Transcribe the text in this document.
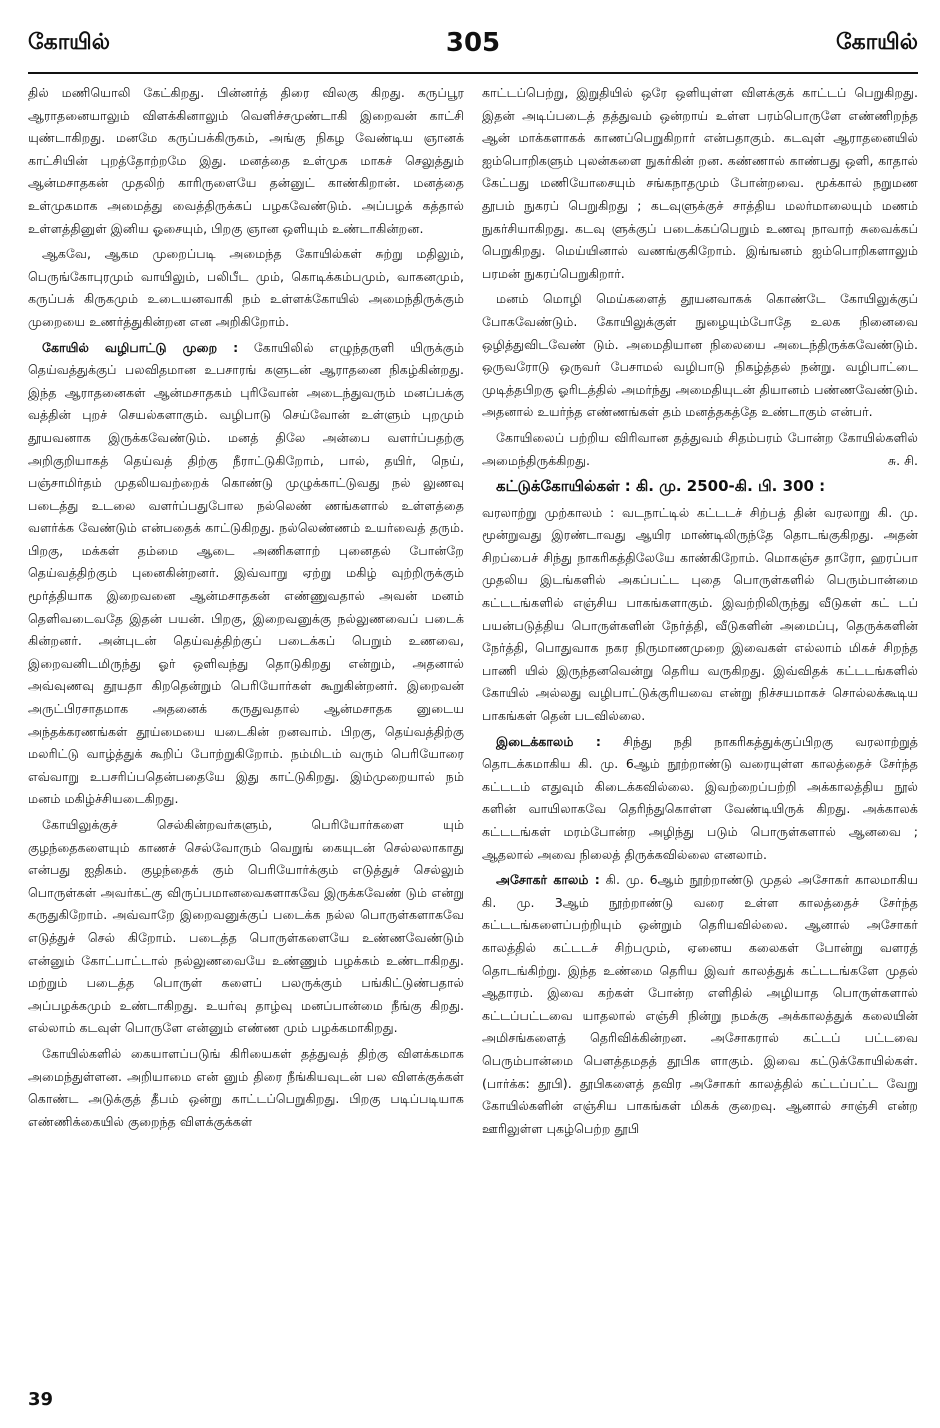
கோயில்	305	கோயில்

தில் மணியொலி கேட்கிறது. பின்னர்த் திரை விலகு கிறது. கருப்பூர ஆராதனையாலும் விளக்கினாலும் வெளிச்சமுண்டாகி இறைவன் காட்சி யுண்டாகிறது. மனமே கருப்பக்கிருகம், அங்கு நிகழ வேண்டிய ஞானக் காட்சியின் புறத்தோற்றமே இது. மனத்தை உள்முக மாகச் செலுத்தும் ஆன்மசாதகன் முதலிற் காரிருளையே தன்னுட் காண்கிறான். மனத்தை உள்முகமாக அமைத்து வைத்திருக்கப் பழகவேண்டும். அப்பழக் கத்தால் உள்ளத்தினுள் இனிய ஓசையும், பிறகு ஞான ஒளியும் உண்டாகின்றன.

ஆகவே, ஆகம முறைப்படி அமைந்த கோயில்கள் சுற்று மதிலும், பெருங்கோபுரமும் வாயிலும், பலிபீட மும், கொடிக்கம்பமும், வாகனமும், கருப்பக் கிருகமும் உடையனவாகி நம் உள்ளக்கோயில் அமைந்திருக்கும் முறையை உணர்த்துகின்றன என அறிகிறோம்.

கோயில் வழிபாட்டு முறை : கோயிலில் எழுந்தருளி யிருக்கும் தெய்வத்துக்குப் பலவிதமான உபசாரங் களுடன் ஆராதனை நிகழ்கின்றது. இந்த ஆராதனைகள் ஆன்மசாதகம் புரிவோன் அடைந்துவரும் மனப்பக்கு வத்தின் புறச் செயல்களாகும். வழிபாடு செய்வோன் உள்ளும் புறமும் தூயவனாக இருக்கவேண்டும். மனத் திலே அன்பை வளர்ப்பதற்கு அறிகுறியாகத் தெய்வத் திற்கு நீராட்டுகிறோம், பால், தயிர், நெய், பஞ்சாமிர்தம் முதலியவற்றைக் கொண்டு முழுக்காட்டுவது நல் லுணவு படைத்து உடலை வளர்ப்பதுபோல நல்லெண் ணங்களால் உள்ளத்தை வளர்க்க வேண்டும் என்பதைக் காட்டுகிறது. நல்லெண்ணம் உயர்வைத் தரும். பிறகு, மக்கள் தம்மை ஆடை அணிகளாற் புனைதல் போன்றே தெய்வத்திற்கும் புனைகின்றனர். இவ்வாறு ஏற்று மகிழ் வுற்றிருக்கும் மூர்த்தியாக இறைவனை ஆன்மசாதகன் எண்ணுவதால் அவன் மனம் தெளிவடைவதே இதன் பயன். பிறகு, இறைவனுக்கு நல்லுணவைப் படைக் கின்றனர். அன்புடன் தெய்வத்திற்குப் படைக்கப் பெறும் உணவை, இறைவனிடமிருந்து ஓர் ஒளிவந்து தொடுகிறது என்றும், அதனால் அவ்வுணவு தூயதா கிறதென்றும் பெரியோர்கள் கூறுகின்றனர். இறைவன் அருட்பிரசாதமாக அதனைக் கருதுவதால் ஆன்மசாதக னுடைய அந்தக்கரணங்கள் தூய்மையை யடைகின் றனவாம். பிறகு, தெய்வத்திற்கு மலரிட்டு வாழ்த்துக் கூறிப் போற்றுகிறோம். நம்மிடம் வரும் பெரியோரை எவ்வாறு உபசரிப்பதென்பதையே இது காட்டுகிறது. இம்முறையால் நம் மனம் மகிழ்ச்சியடைகிறது.

கோயிலுக்குச் செல்கின்றவர்களும், பெரியோர்களை யும் குழந்தைகளையும் காணச் செல்வோரும் வெறுங் கையுடன் செல்லலாகாது என்பது ஐதிகம். குழந்தைக் கும் பெரியோர்க்கும் எடுத்துச் செல்லும் பொருள்கள் அவர்கட்கு விருப்பமானவைகளாகவே இருக்கவேண் டும் என்று கருதுகிறோம். அவ்வாறே இறைவனுக்குப் படைக்க நல்ல பொருள்களாகவே எடுத்துச் செல் கிறோம். படைத்த பொருள்களையே உண்ணவேண்டும் என்னும் கோட்பாட்டால் நல்லுணவையே உண்ணும் பழக்கம் உண்டாகிறது. மற்றும் படைத்த பொருள் களைப் பலருக்கும் பங்கிட்டுண்பதால் அப்பழக்கமும் உண்டாகிறது. உயர்வு தாழ்வு மனப்பான்மை நீங்கு கிறது. எல்லாம் கடவுள் பொருளே என்னும் எண்ண மும் பழக்கமாகிறது.

கோயில்களில் கையாளப்படுங் கிரியைகள் தத்துவத் திற்கு விளக்கமாக அமைந்துள்ளன. அறியாமை என் னும் திரை நீங்கியவுடன் பல விளக்குக்கள் கொண்ட அடுக்குத் தீபம் ஒன்று காட்டப்பெறுகிறது. பிறகு படிப்படியாக எண்ணிக்கையில் குறைந்த விளக்குக்கள்

காட்டப்பெற்று, இறுதியில் ஒரே ஒளியுள்ள விளக்குக் காட்டப் பெறுகிறது. இதன் அடிப்படைத் தத்துவம் ஒன்றாய் உள்ள பரம்பொருளே எண்ணிறந்த ஆன் மாக்களாகக் காணப்பெறுகிறார் என்பதாகும். கடவுள் ஆராதனையில் ஐம்பொறிகளும் புலன்களை நுகர்கின் றன. கண்ணால் காண்பது ஒளி, காதால் கேட்பது மணியோசையும் சங்கநாதமும் போன்றவை. மூக்கால் நறுமண தூபம் நுகரப் பெறுகிறது ; கடவுளுக்குச் சாத்திய மலர்மாலையும் மணம் நுகர்சியாகிறது. கடவு ளுக்குப் படைக்கப்பெறும் உணவு நாவாற் சுவைக்கப் பெறுகிறது. மெய்யினால் வணங்குகிறோம். இங்ஙனம் ஐம்பொறிகளாலும் பரமன் நுகரப்பெறுகிறார்.

மனம் மொழி மெய்களைத் தூயனவாகக் கொண்டே கோயிலுக்குப் போகவேண்டும். கோயிலுக்குள் நுழையும்போதே உலக நினைவை ஒழித்துவிடவேண் டும். அமைதியான நிலையை அடைந்திருக்கவேண்டும். ஒருவரோடு ஒருவர் பேசாமல் வழிபாடு நிகழ்த்தல் நன்று. வழிபாட்டை முடித்தபிறகு ஓரிடத்தில் அமர்ந்து அமைதியுடன் தியானம் பண்ணவேண்டும். அதனால் உயர்ந்த எண்ணங்கள் தம் மனத்தகத்தே உண்டாகும் என்பர்.

கோயிலைப் பற்றிய விரிவான தத்துவம் சிதம்பரம் போன்ற கோயில்களில் அமைந்திருக்கிறது.	சு. சி.

கட்டுக்கோயில்கள் : கி. மு. 2500-கி. பி. 300 :

வரலாற்று முற்காலம் : வடநாட்டில் கட்டடச் சிற்பத் தின் வரலாறு கி. மு. மூன்றுவது இரண்டாவது ஆயிர மாண்டிலிருந்தே தொடங்குகிறது. அதன் சிறப்பைச் சிந்து நாகரிகத்திலேயே காண்கிறோம். மொகஞ்ச தாரோ, ஹரப்பா முதலிய இடங்களில் அகப்பட்ட புதை பொருள்களில் பெரும்பான்மை கட்டடங்களில் எஞ்சிய பாகங்களாகும். இவற்றிலிருந்து வீடுகள் கட் டப் பயன்படுத்திய பொருள்களின் நேர்த்தி, வீடுகளின் அமைப்பு, தெருக்களின் நேர்த்தி, பொதுவாக நகர நிருமாணமுறை இவைகள் எல்லாம் மிகச் சிறந்த பாணி யில் இருந்தனவென்று தெரிய வருகிறது. இவ்விதக் கட்டடங்களில் கோயில் அல்லது வழிபாட்டுக்குரியவை என்று நிச்சயமாகச் சொல்லக்கூடிய பாகங்கள் தென் படவில்லை.

இடைக்காலம் : சிந்து நதி நாகரிகத்துக்குப்பிறகு வரலாற்றுத் தொடக்கமாகிய கி. மு. 6ஆம் நூற்றாண்டு வரையுள்ள காலத்தைச் சேர்ந்த கட்டடம் எதுவும் கிடைக்கவில்லை. இவற்றைப்பற்றி அக்காலத்திய நூல் களின் வாயிலாகவே தெரிந்துகொள்ள வேண்டியிருக் கிறது. அக்காலக் கட்டடங்கள் மரம்போன்ற அழிந்து படும் பொருள்களால் ஆனவை ; ஆதலால் அவை நிலைத் திருக்கவில்லை எனலாம்.

அசோகர் காலம் : கி. மு. 6ஆம் நூற்றாண்டு முதல் அசோகர் காலமாகிய கி. மு. 3ஆம் நூற்றாண்டு வரை உள்ள காலத்தைச் சேர்ந்த கட்டடங்களைப்பற்றியும் ஒன்றும் தெரியவில்லை. ஆனால் அசோகர் காலத்தில் கட்டடச் சிற்பமும், ஏனைய கலைகள் போன்று வளரத் தொடங்கிற்று. இந்த உண்மை தெரிய இவர் காலத்துக் கட்டடங்களே முதல் ஆதாரம். இவை கற்கள் போன்ற எளிதில் அழியாத பொருள்களால் கட்டப்பட்டவை யாதலால் எஞ்சி நின்று நமக்கு அக்காலத்துக் கலையின் அமிசங்களைத் தெரிவிக்கின்றன. அசோகரால் கட்டப் பட்டவை பெரும்பான்மை பௌத்தமதத் தூபிக ளாகும். இவை கட்டுக்கோயில்கள். (பார்க்க: தூபி). தூபிகளைத் தவிர அசோகர் காலத்தில் கட்டப்பட்ட வேறு கோயில்களின் எஞ்சிய பாகங்கள் மிகக் குறைவு. ஆனால் சாஞ்சி என்ற ஊரிலுள்ள புகழ்பெற்ற தூபி

39
